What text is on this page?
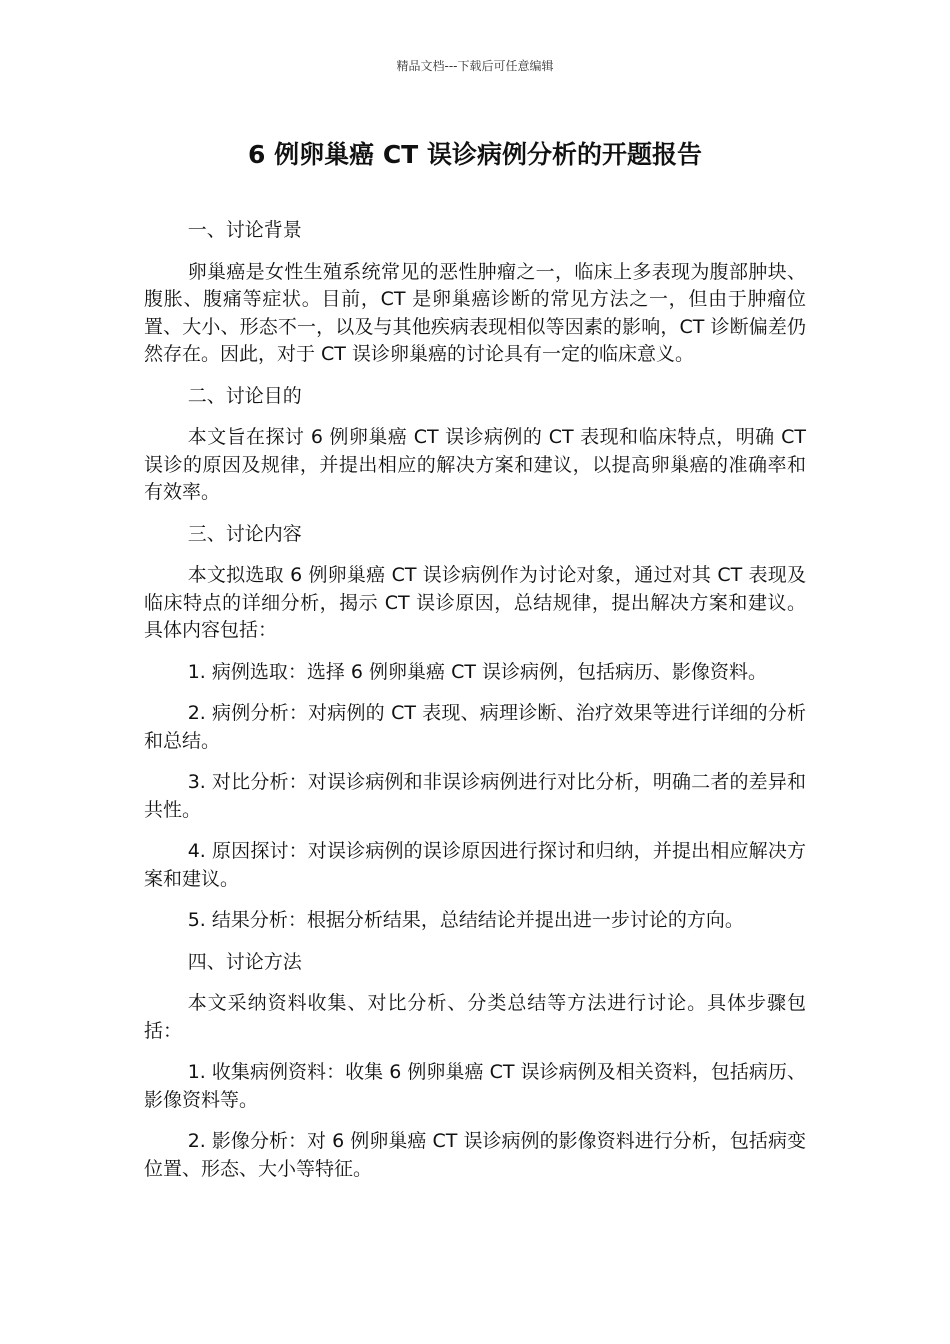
精品文档---下载后可任意编辑
6 例卵巢癌 CT 误诊病例分析的开题报告

一、讨论背景

卵巢癌是女性生殖系统常见的恶性肿瘤之一，临床上多表现为腹部肿块、腹胀、腹痛等症状。目前，CT 是卵巢癌诊断的常见方法之一，但由于肿瘤位置、大小、形态不一，以及与其他疾病表现相似等因素的影响，CT 诊断偏差仍然存在。因此，对于 CT 误诊卵巢癌的讨论具有一定的临床意义。

二、讨论目的

本文旨在探讨 6 例卵巢癌 CT 误诊病例的 CT 表现和临床特点，明确 CT 误诊的原因及规律，并提出相应的解决方案和建议，以提高卵巢癌的准确率和有效率。

三、讨论内容

本文拟选取 6 例卵巢癌 CT 误诊病例作为讨论对象，通过对其 CT 表现及临床特点的详细分析，揭示 CT 误诊原因，总结规律，提出解决方案和建议。具体内容包括：

1. 病例选取：选择 6 例卵巢癌 CT 误诊病例，包括病历、影像资料。

2. 病例分析：对病例的 CT 表现、病理诊断、治疗效果等进行详细的分析和总结。

3. 对比分析：对误诊病例和非误诊病例进行对比分析，明确二者的差异和共性。

4. 原因探讨：对误诊病例的误诊原因进行探讨和归纳，并提出相应解决方案和建议。

5. 结果分析：根据分析结果，总结结论并提出进一步讨论的方向。

四、讨论方法

本文采纳资料收集、对比分析、分类总结等方法进行讨论。具体步骤包括：

1. 收集病例资料：收集 6 例卵巢癌 CT 误诊病例及相关资料，包括病历、影像资料等。

2. 影像分析：对 6 例卵巢癌 CT 误诊病例的影像资料进行分析，包括病变位置、形态、大小等特征。
